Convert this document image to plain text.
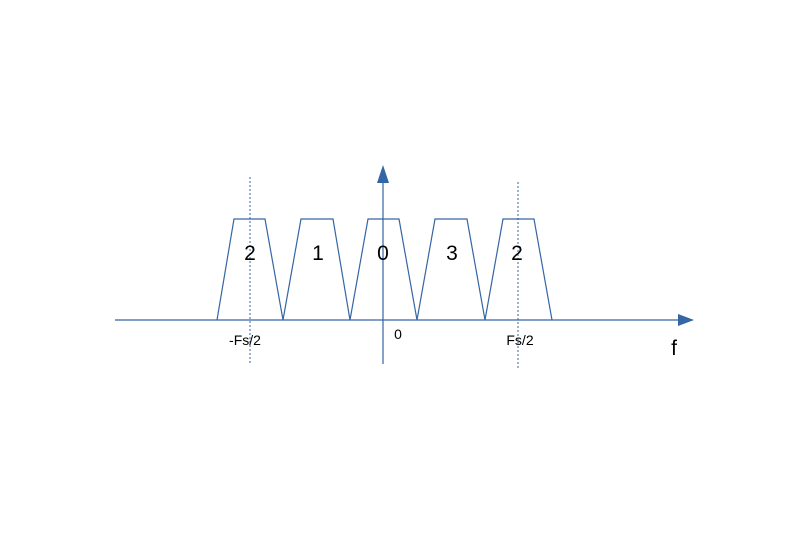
2	1	0	3	2
-Fs/2	0	Fs/2	f
